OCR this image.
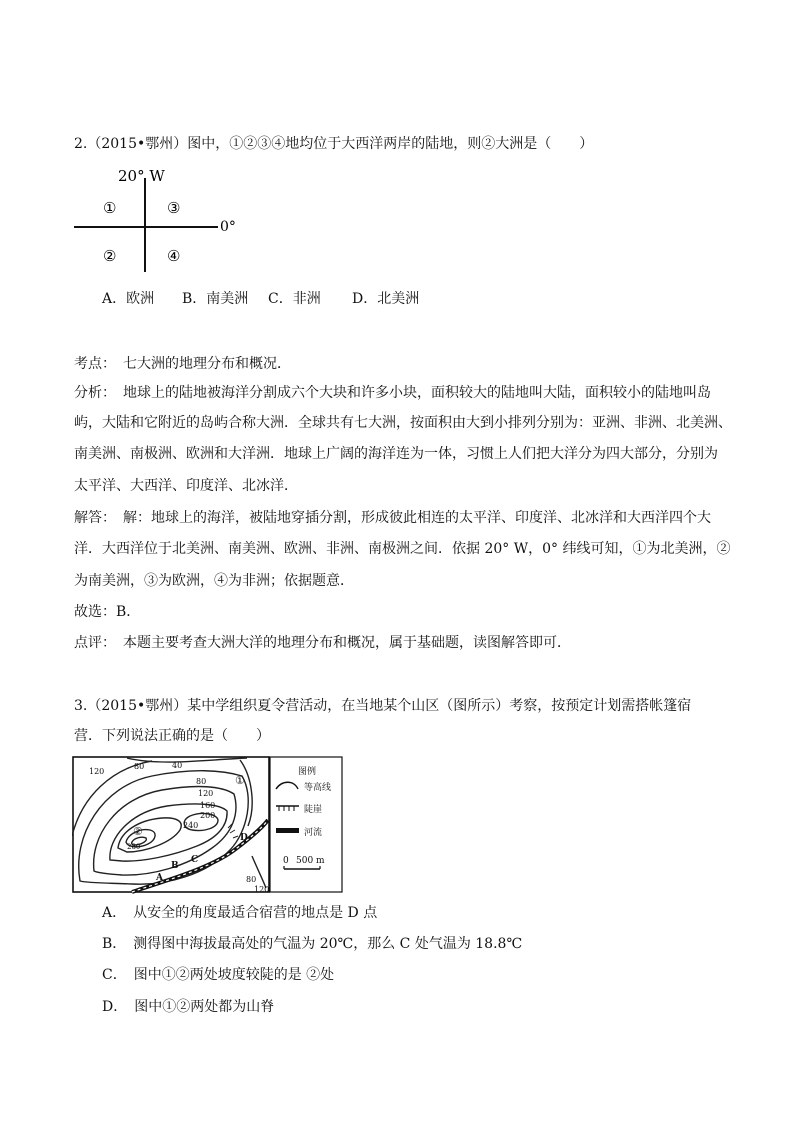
2.（2015•鄂州）图中，①②③④地均位于大西洋两岸的陆地，则②大洲是（　　）
20° W
0°
①	③
②	④
A．欧洲 B．南美洲 C．非洲 D．北美洲
考点：　七大洲的地理分布和概况．
分析：　地球上的陆地被海洋分割成六个大块和许多小块，面积较大的陆地叫大陆，面积较小的陆地叫岛
屿，大陆和它附近的岛屿合称大洲．全球共有七大洲，按面积由大到小排列分别为：亚洲、非洲、北美洲、
南美洲、南极洲、欧洲和大洋洲．地球上广阔的海洋连为一体，习惯上人们把大洋分为四大部分，分别为
太平洋、大西洋、印度洋、北冰洋．
解答：　解：地球上的海洋，被陆地穿插分割，形成彼此相连的太平洋、印度洋、北冰洋和大西洋四个大
洋．大西洋位于北美洲、南美洲、欧洲、非洲、南极洲之间．依据 20° W，0° 纬线可知，①为北美洲，②
为南美洲，③为欧洲，④为非洲；依据题意．
故选：B．
点评：　本题主要考查大洲大洋的地理分布和概况，属于基础题，读图解答即可．
3.（2015•鄂州）某中学组织夏令营活动，在当地某个山区（图所示）考察，按预定计划需搭帐篷宿
营．下列说法正确的是（　　）
120
80	40
80
120
160
200
240
280
80
120
①
②
A
B
C
D
图例
等高线
陡崖
河流
0 500 m
A．　从安全的角度最适合宿营的地点是 D 点
B．　测得图中海拔最高处的气温为 20℃，那么 C 处气温为 18.8℃
C．　图中①②两处坡度较陡的是 ②处
D．　图中①②两处都为山脊
